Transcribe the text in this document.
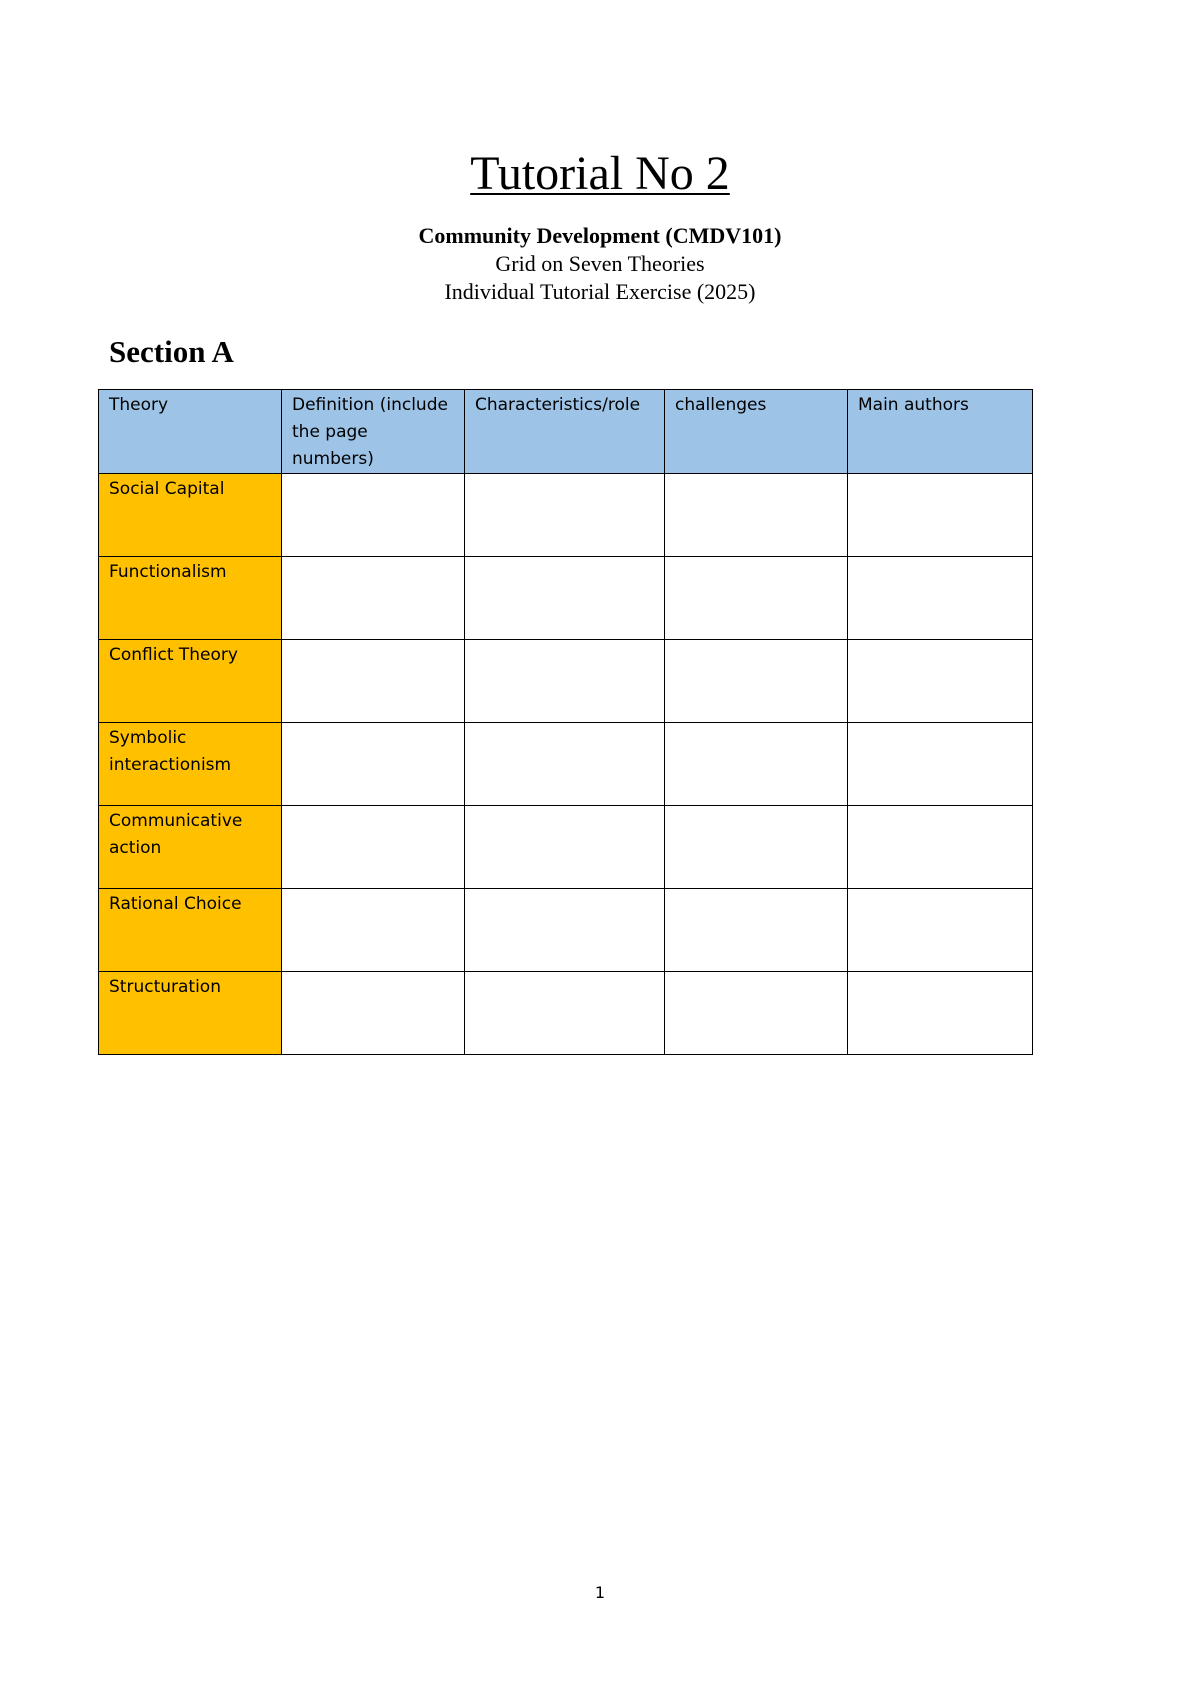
Tutorial No 2
Community Development (CMDV101)
Grid on Seven Theories
Individual Tutorial Exercise (2025)
Section A
Theory	Definition (include the page numbers)	Characteristics/role	challenges	Main authors
Social Capital				
Functionalism				
Conflict Theory				
Symbolic interactionism				
Communicative action				
Rational Choice				
Structuration				
1
